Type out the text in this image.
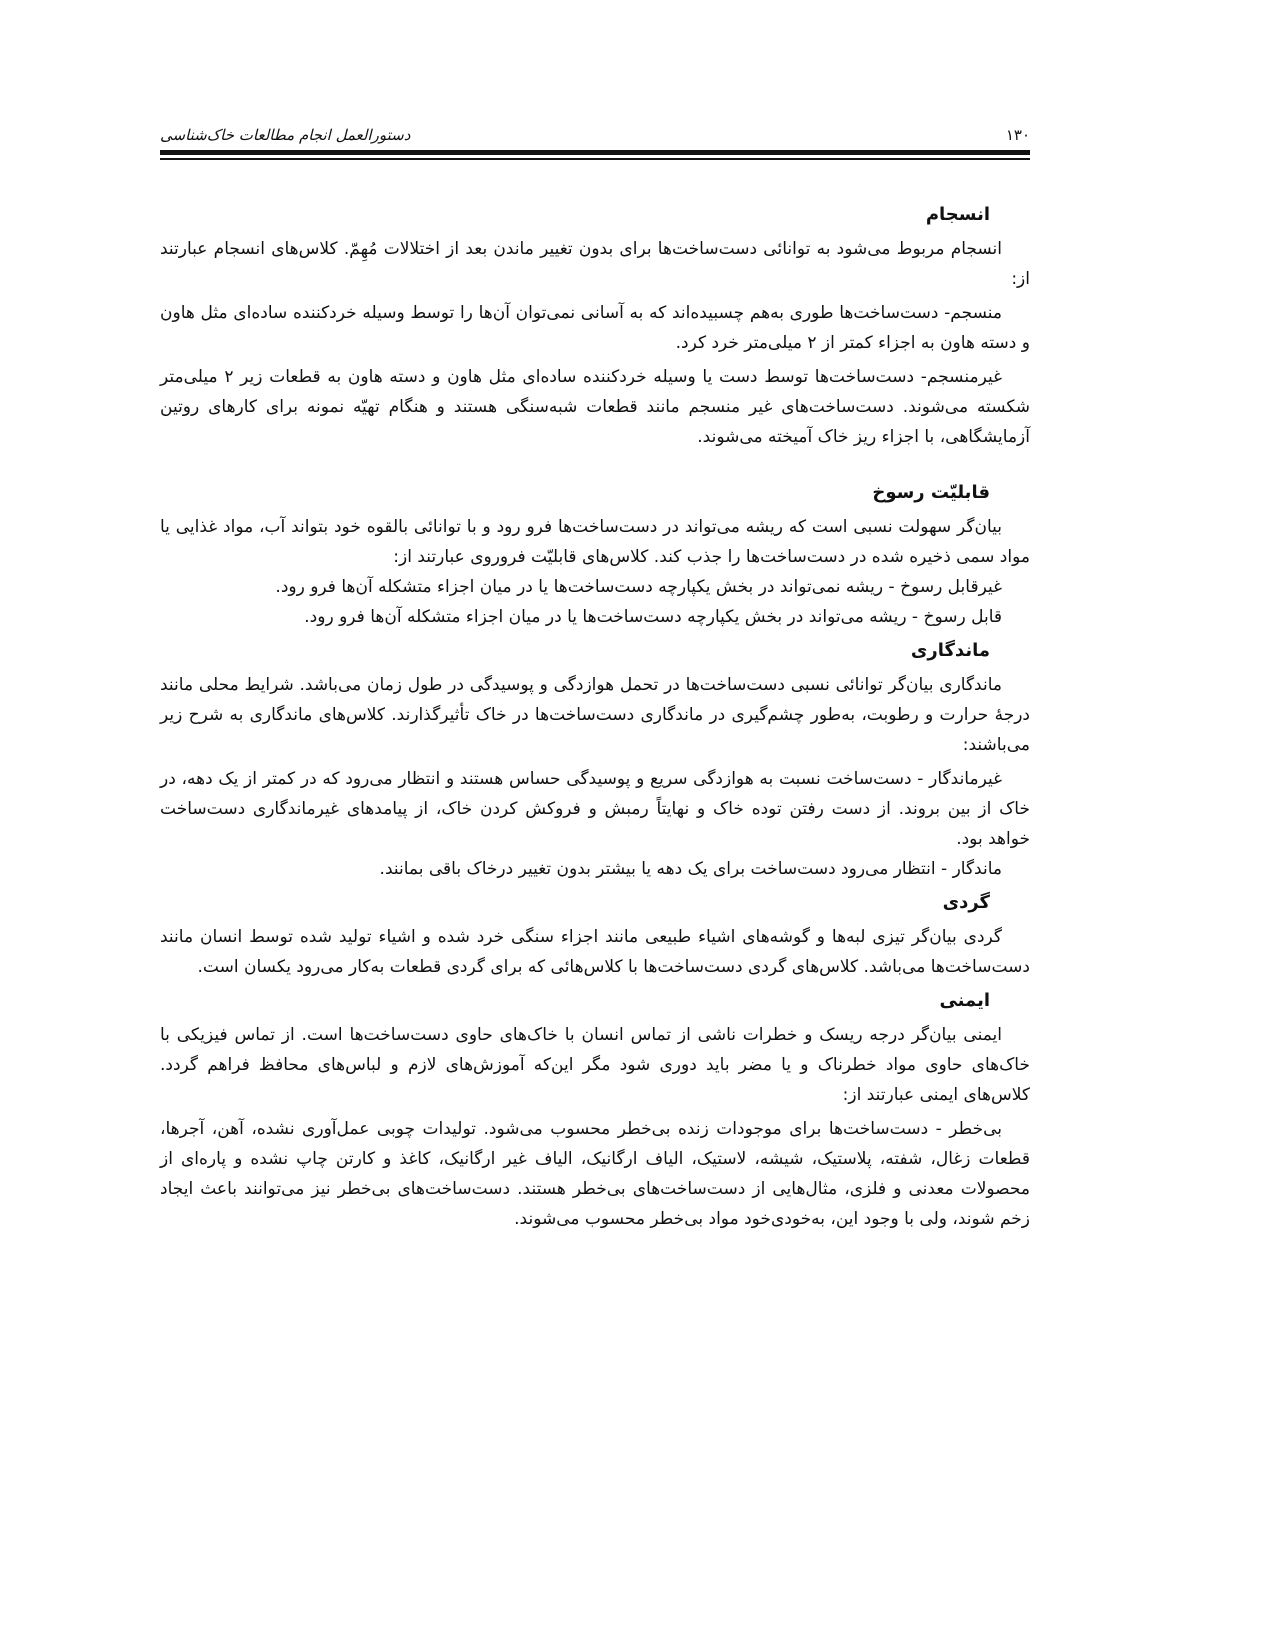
دستورالعمل انجام مطالعات خاک‌شناسی	۱۳۰
انسجام

انسجام مربوط می‌شود به توانائی دست‌ساخت‌ها برای بدون تغییر ماندن بعد از اختلالات مُهِمّ. کلاس‌های انسجام عبارتند از:

منسجم- دست‌ساخت‌ها طوری به‌هم چسبیده‌اند که به آسانی نمی‌توان آن‌ها را توسط وسیله خردکننده ساده‌ای مثل هاون و دسته هاون به اجزاء کمتر از ۲ میلی‌متر خرد کرد.

غیرمنسجم- دست‌ساخت‌ها توسط دست یا وسیله خردکننده ساده‌ای مثل هاون و دسته هاون به قطعات زیر ۲ میلی‌متر شکسته می‌شوند. دست‌ساخت‌های غیر منسجم مانند قطعات شبه‌سنگی هستند و هنگام تهیّه نمونه برای کارهای روتین آزمایشگاهی، با اجزاء ریز خاک آمیخته می‌شوند.

قابلیّت رسوخ

بیان‌گر سهولت نسبی است که ریشه می‌تواند در دست‌ساخت‌ها فرو رود و با توانائی بالقوه خود بتواند آب، مواد غذایی یا مواد سمی ذخیره شده در دست‌ساخت‌ها را جذب کند. کلاس‌های قابلیّت فروروی عبارتند از:

غیرقابل رسوخ - ریشه نمی‌تواند در بخش یکپارچه دست‌ساخت‌ها یا در میان اجزاء متشکله آن‌ها فرو رود.

قابل رسوخ - ریشه می‌تواند در بخش یکپارچه دست‌ساخت‌ها یا در میان اجزاء متشکله آن‌ها فرو رود.

ماندگاری

ماندگاری بیان‌گر توانائی نسبی دست‌ساخت‌ها در تحمل هوازدگی و پوسیدگی در طول زمان می‌باشد. شرایط محلی مانند درجهٔ حرارت و رطوبت، به‌طور چشم‌گیری در ماندگاری دست‌ساخت‌ها در خاک تأثیرگذارند. کلاس‌های ماندگاری به شرح زیر می‌باشند:

غیرماندگار - دست‌ساخت نسبت به هوازدگی سریع و پوسیدگی حساس هستند و انتظار می‌رود که در کمتر از یک دهه، در خاک از بین بروند. از دست رفتن توده خاک و نهایتاً رمبش و فروکش کردن خاک، از پیامدهای غیرماندگاری دست‌ساخت خواهد بود.

ماندگار - انتظار می‌رود دست‌ساخت برای یک دهه یا بیشتر بدون تغییر درخاک باقی بمانند.

گردی

گردی بیان‌گر تیزی لبه‌ها و گوشه‌های اشیاء طبیعی مانند اجزاء سنگی خرد شده و اشیاء تولید شده توسط انسان مانند دست‌ساخت‌ها می‌باشد. کلاس‌های گردی دست‌ساخت‌ها با کلاس‌هائی که برای گردی قطعات به‌کار می‌رود یکسان است.

ایمنی

ایمنی بیان‌گر درجه ریسک و خطرات ناشی از تماس انسان با خاک‌های حاوی دست‌ساخت‌ها است. از تماس فیزیکی با خاک‌های حاوی مواد خطرناک و یا مضر باید دوری شود مگر این‌که آموزش‌های لازم و لباس‌های محافظ فراهم گردد. کلاس‌های ایمنی عبارتند از:

بی‌خطر - دست‌ساخت‌ها برای موجودات زنده بی‌خطر محسوب می‌شود. تولیدات چوبی عمل‌آوری نشده، آهن، آجرها، قطعات زغال، شفته، پلاستیک، شیشه، لاستیک، الیاف ارگانیک، الیاف غیر ارگانیک، کاغذ و کارتن چاپ نشده و پاره‌ای از محصولات معدنی و فلزی، مثال‌هایی از دست‌ساخت‌های بی‌خطر هستند. دست‌ساخت‌های بی‌خطر نیز می‌توانند باعث ایجاد زخم شوند، ولی با وجود این، به‌خودی‌خود مواد بی‌خطر محسوب می‌شوند.
